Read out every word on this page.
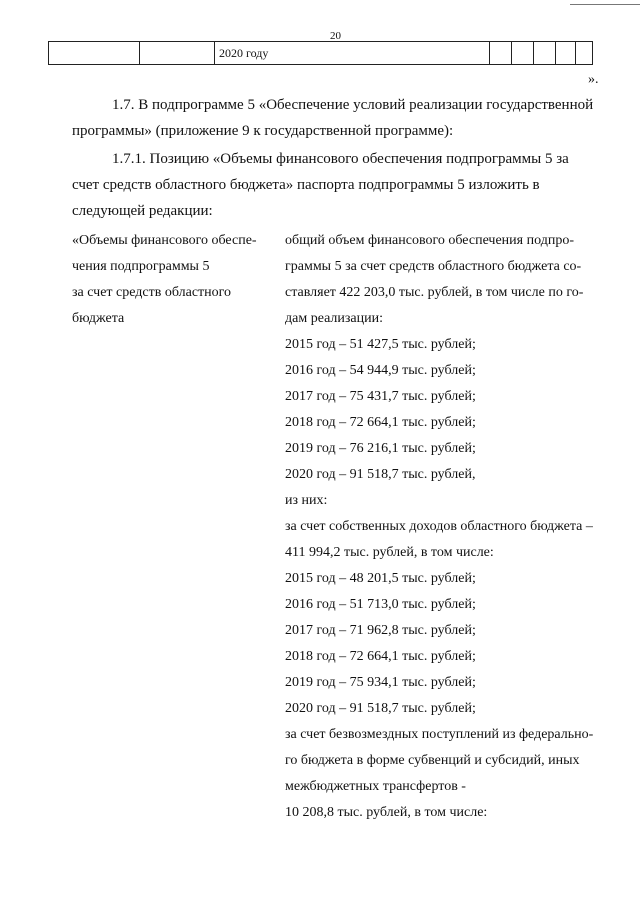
20
2020 году
».
1.7. В подпрограмме 5 «Обеспечение условий реализации государственной
программы» (приложение 9 к государственной программе):
1.7.1. Позицию «Объемы финансового обеспечения подпрограммы 5 за
счет средств областного бюджета» паспорта подпрограммы 5 изложить в
следующей редакции:
«Объемы финансового обеспе-
чения подпрограммы 5
за счет средств областного
бюджета
общий объем финансового обеспечения подпро-
граммы 5 за счет средств областного бюджета со-
ставляет 422 203,0 тыс. рублей, в том числе по го-
дам реализации:
2015 год – 51 427,5 тыс. рублей;
2016 год – 54 944,9 тыс. рублей;
2017 год – 75 431,7 тыс. рублей;
2018 год – 72 664,1 тыс. рублей;
2019 год – 76 216,1 тыс. рублей;
2020 год – 91 518,7 тыс. рублей,
из них:
за счет собственных доходов областного бюджета –
411 994,2 тыс. рублей, в том числе:
2015 год – 48 201,5 тыс. рублей;
2016 год – 51 713,0 тыс. рублей;
2017 год – 71 962,8 тыс. рублей;
2018 год – 72 664,1 тыс. рублей;
2019 год – 75 934,1 тыс. рублей;
2020 год – 91 518,7 тыс. рублей;
за счет безвозмездных поступлений из федерально-
го бюджета в форме субвенций и субсидий, иных
межбюджетных трансфертов -
10 208,8 тыс. рублей, в том числе:
